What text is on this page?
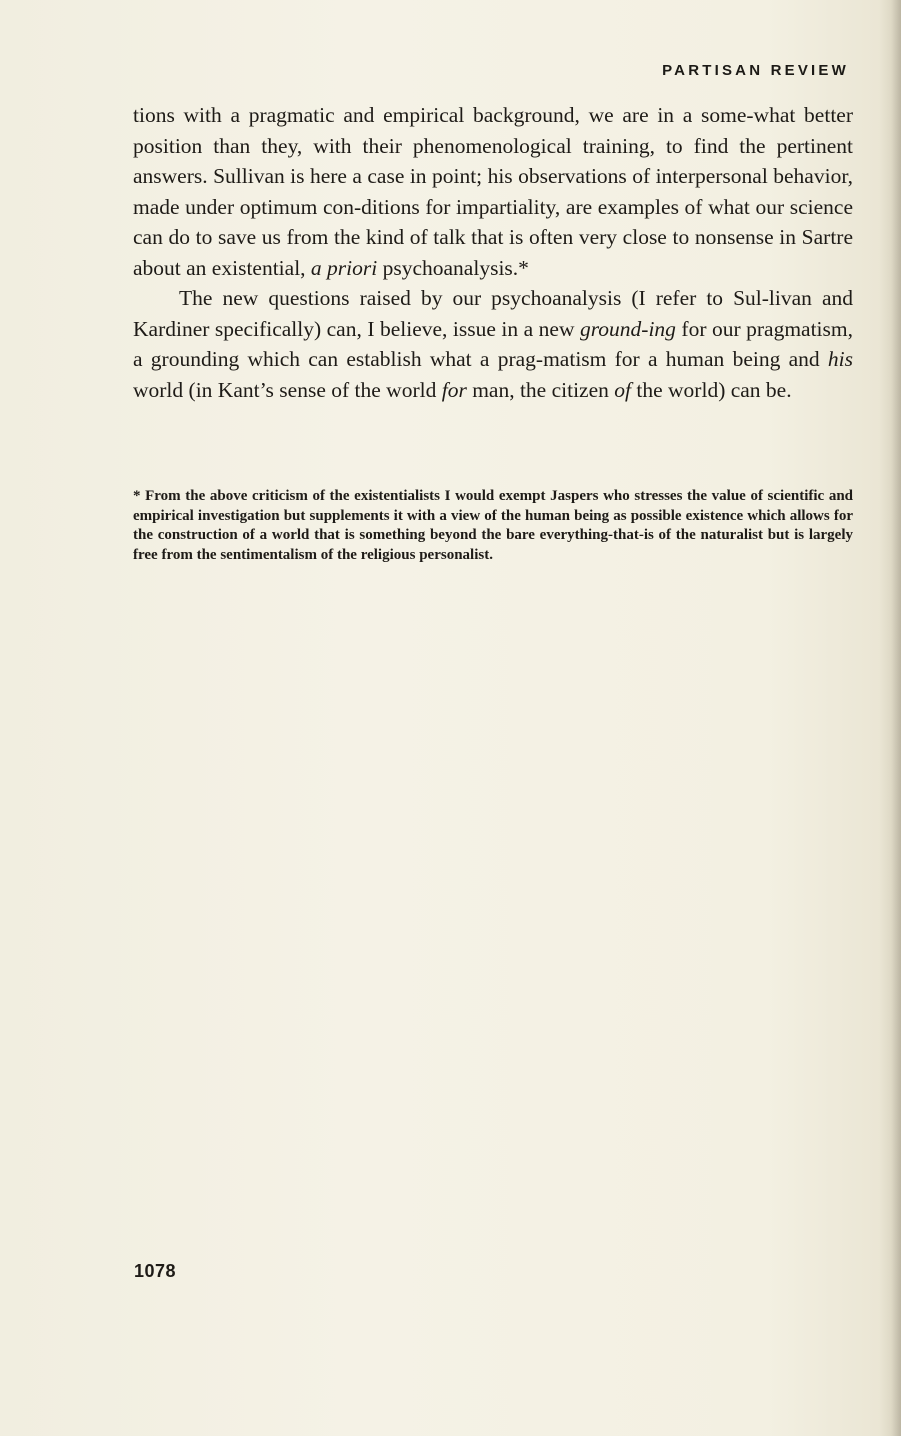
PARTISAN REVIEW

tions with a pragmatic and empirical background, we are in a some-what better position than they, with their phenomenological training, to find the pertinent answers. Sullivan is here a case in point; his observations of interpersonal behavior, made under optimum con-ditions for impartiality, are examples of what our science can do to save us from the kind of talk that is often very close to nonsense in Sartre about an existential, a priori psychoanalysis.*

The new questions raised by our psychoanalysis (I refer to Sul-livan and Kardiner specifically) can, I believe, issue in a new ground-ing for our pragmatism, a grounding which can establish what a prag-matism for a human being and his world (in Kant’s sense of the world for man, the citizen of the world) can be.

* From the above criticism of the existentialists I would exempt Jaspers who stresses the value of scientific and empirical investigation but supplements it with a view of the human being as possible existence which allows for the construction of a world that is something beyond the bare everything-that-is of the naturalist but is largely free from the sentimentalism of the religious personalist.
1078
